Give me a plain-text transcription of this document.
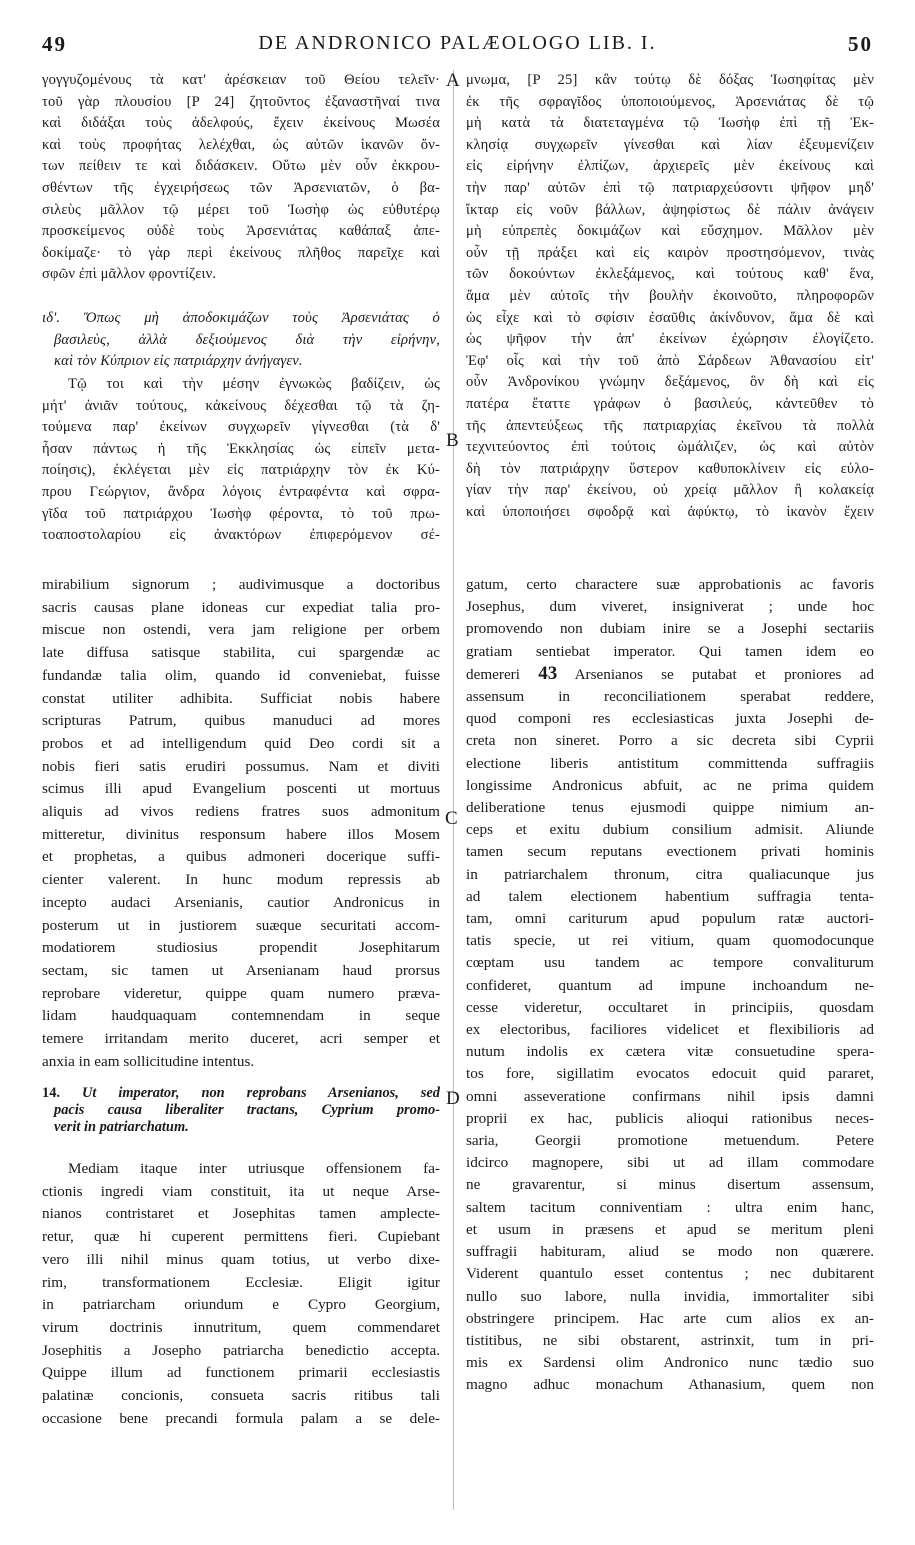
49	DE ANDRONICO PALÆOLOGO LIB. I.	50
γογγυζομένους τὰ κατ' ἀρέσκειαν τοῦ Θείου τελεῖν·
τοῦ γὰρ πλουσίου [P 24] ζητοῦντος ἐξαναστῆναί τινα
καὶ διδάξαι τοὺς ἀδελφούς, ἔχειν ἐκείνους Μωσέα
καὶ τοὺς προφήτας λελέχθαι, ὡς αὐτῶν ἱκανῶν ὄν-
των πείθειν τε καὶ διδάσκειν. Οὕτω μὲν οὖν ἐκκρου-
σθέντων τῆς ἐγχειρήσεως τῶν Ἀρσενιατῶν, ὁ βα-
σιλεὺς μᾶλλον τῷ μέρει τοῦ Ἰωσὴφ ὡς εὐθυτέρῳ
προσκείμενος οὐδὲ τοὺς Ἀρσενιάτας καθάπαξ ἀπε-
δοκίμαζε· τὸ γὰρ περὶ ἐκείνους πλῆθος παρεῖχε καὶ
σφῶν ἐπὶ μᾶλλον φροντίζειν.
ιδ'. Ὅπως μὴ ἀποδοκιμάζων τοὺς Ἀρσενιάτας ὁ
βασιλεὺς, ἀλλὰ δεξιούμενος διὰ τὴν εἰρήνην,
καὶ τὸν Κύπριον εἰς πατριάρχην ἀνήγαγεν.
Τῷ τοι καὶ τὴν μέσην ἐγνωκὼς βαδίζειν, ὡς
μήτ' ἀνιᾶν τούτους, κἀκείνους δέχεσθαι τῷ τὰ ζη-
τούμενα παρ' ἐκείνων συγχωρεῖν γίγνεσθαι (τὰ δ'
ἦσαν πάντως ἡ τῆς Ἐκκλησίας ὡς εἰπεῖν μετα-
ποίησις), ἐκλέγεται μὲν εἰς πατριάρχην τὸν ἐκ Κύ-
πρου Γεώργιον, ἄνδρα λόγοις ἐντραφέντα καὶ σφρα-
γῖδα τοῦ πατριάρχου Ἰωσὴφ φέροντα, τὸ τοῦ πρω-
τοαποστολαρίου εἰς ἀνακτόρων ἐπιφερόμενον σέ-
μνωμα, [P 25] κἂν τούτῳ δὲ δόξας Ἰωσηφίτας μὲν
ἐκ τῆς σφραγῖδος ὑποποιούμενος, Ἀρσενιάτας δὲ τῷ
μὴ κατὰ τὰ διατεταγμένα τῷ Ἰωσὴφ ἐπὶ τῇ Ἐκ-
κλησίᾳ συγχωρεῖν γίνεσθαι καὶ λίαν ἐξευμενίζειν
εἰς εἰρήνην ἐλπίζων, ἀρχιερεῖς μὲν ἐκείνους καὶ
τὴν παρ' αὐτῶν ἐπὶ τῷ πατριαρχεύσοντι ψῆφον μηδ'
ἴκταρ εἰς νοῦν βάλλων, ἀψηφίστως δὲ πάλιν ἀνάγειν
μὴ εὐπρεπὲς δοκιμάζων καὶ εὔσχημον. Μᾶλλον μὲν
οὖν τῇ πράξει καὶ εἰς καιρὸν προστησόμενον, τινὰς
τῶν δοκούντων ἐκλεξάμενος, καὶ τούτους καθ' ἕνα,
ἅμα μὲν αὐτοῖς τὴν βουλὴν ἐκοινοῦτο, πληροφορῶν
ὡς εἶχε καὶ τὸ σφίσιν ἐσαῦθις ἀκίνδυνον, ἅμα δὲ καὶ
ὡς ψῆφον τὴν ἀπ' ἐκείνων ἐχώρησιν ἐλογίζετο.
Ἐφ' οἷς καὶ τὴν τοῦ ἀπὸ Σάρδεων Ἀθανασίου εἰτ'
οὖν Ἀνδρονίκου γνώμην δεξάμενος, ὃν δὴ καὶ εἰς
πατέρα ἔταττε γράφων ὁ βασιλεύς, κἀντεῦθεν τὸ
τῆς ἀπεντεύξεως τῆς πατριαρχίας ἐκεῖνου τὰ πολλὰ
τεχνιτεύοντος ἐπὶ τούτοις ὡμάλιζεν, ὡς καὶ αὐτὸν
δὴ τὸν πατριάρχην ὕστερον καθυποκλίνειν εἰς εὐλο-
γίαν τὴν παρ' ἐκείνου, οὐ χρείᾳ μᾶλλον ἢ κολακείᾳ
καὶ ὑποποιήσει σφοδρᾷ καὶ ἀφύκτῳ, τὸ ἱκανὸν ἔχειν
mirabilium signorum ; audivimusque a doctoribus
sacris causas plane idoneas cur expediat talia pro-
miscue non ostendi, vera jam religione per orbem
late diffusa satisque stabilita, cui spargendæ ac
fundandæ talia olim, quando id conveniebat, fuisse
constat utiliter adhibita. Sufficiat nobis habere
scripturas Patrum, quibus manuduci ad mores
probos et ad intelligendum quid Deo cordi sit a
nobis fieri satis erudiri possumus. Nam et diviti
scimus illi apud Evangelium poscenti ut mortuus
aliquis ad vivos rediens fratres suos admonitum
mitteretur, divinitus responsum habere illos Mosem
et prophetas, a quibus admoneri docerique suffi-
cienter valerent. In hunc modum repressis ab
incepto audaci Arsenianis, cautior Andronicus in
posterum ut in justiorem suæque securitati accom-
modatiorem studiosius propendit Josephitarum
sectam, sic tamen ut Arsenianam haud prorsus
reprobare videretur, quippe quam numero præva-
lidam haudquaquam contemnendam in seque
temere irritandam merito duceret, acri semper et
anxia in eam sollicitudine intentus.
14. Ut imperator, non reprobans Arsenianos, sed
pacis causa liberaliter tractans, Cyprium promo-
verit in patriarchatum.
Mediam itaque inter utriusque offensionem fa-
ctionis ingredi viam constituit, ita ut neque Arse-
nianos contristaret et Josephitas tamen amplecte-
retur, quæ hi cuperent permittens fieri. Cupiebant
vero illi nihil minus quam totius, ut verbo dixe-
rim, transformationem Ecclesiæ. Eligit igitur
in patriarcham oriundum e Cypro Georgium,
virum doctrinis innutritum, quem commendaret
Josephitis a Josepho patriarcha benedictio accepta.
Quippe illum ad functionem primarii ecclesiastis
palatinæ concionis, consueta sacris ritibus tali
occasione bene precandi formula palam a se dele-
gatum, certo charactere suæ approbationis ac favoris
Josephus, dum viveret, insigniverat ; unde hoc
promovendo non dubiam inire se a Josephi sectariis
gratiam sentiebat imperator. Qui tamen idem eo
demereri 43 Arsenianos se putabat et proniores ad
assensum in reconciliationem sperabat reddere,
quod componi res ecclesiasticas juxta Josephi de-
creta non sineret. Porro a sic decreta sibi Cyprii
electione liberis antistitum committenda suffragiis
longissime Andronicus abfuit, ac ne prima quidem
deliberatione tenus ejusmodi quippe nimium an-
ceps et exitu dubium consilium admisit. Aliunde
tamen secum reputans evectionem privati hominis
in patriarchalem thronum, citra qualiacunque jus
ad talem electionem habentium suffragia tenta-
tam, omni cariturum apud populum ratæ auctori-
tatis specie, ut rei vitium, quam quomodocunque
cœptam usu tandem ac tempore convaliturum
confideret, quantum ad impune inchoandum ne-
cesse videretur, occultaret in principiis, quosdam
ex electoribus, faciliores videlicet et flexibilioris ad
nutum indolis ex cætera vitæ consuetudine spera-
tos fore, sigillatim evocatos edocuit quid pararet,
omni asseveratione confirmans nihil ipsis damni
proprii ex hac, publicis alioqui rationibus neces-
saria, Georgii promotione metuendum. Petere
idcirco magnopere, sibi ut ad illam commodare
ne gravarentur, si minus disertum assensum,
saltem tacitum conniventiam : ultra enim hanc,
et usum in præsens et apud se meritum pleni
suffragii habituram, aliud se modo non quærere.
Viderent quantulo esset contentus ; nec dubitarent
nullo suo labore, nulla invidia, immortaliter sibi
obstringere principem. Hac arte cum alios ex an-
tistitibus, ne sibi obstarent, astrinxit, tum in pri-
mis ex Sardensi olim Andronico nunc tædio suo
magno adhuc monachum Athanasium, quem non
A
B
C
D
